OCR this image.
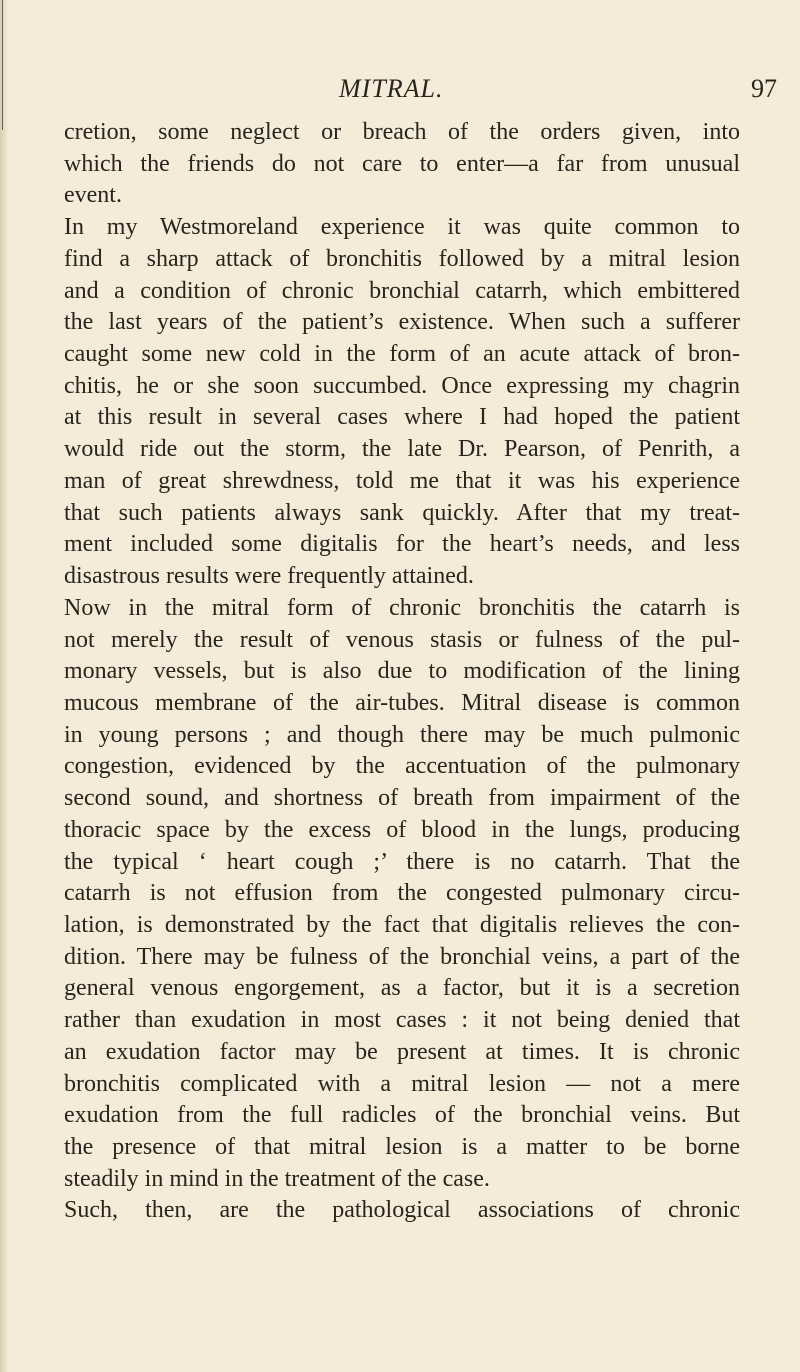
MITRAL.	97
cretion, some neglect or breach of the orders given, into
which the friends do not care to enter—a far from unusual
event.
In my Westmoreland experience it was quite common to
find a sharp attack of bronchitis followed by a mitral lesion
and a condition of chronic bronchial catarrh, which embittered
the last years of the patient’s existence. When such a sufferer
caught some new cold in the form of an acute attack of bron-
chitis, he or she soon succumbed. Once expressing my chagrin
at this result in several cases where I had hoped the patient
would ride out the storm, the late Dr. Pearson, of Penrith, a
man of great shrewdness, told me that it was his experience
that such patients always sank quickly. After that my treat-
ment included some digitalis for the heart’s needs, and less
disastrous results were frequently attained.
Now in the mitral form of chronic bronchitis the catarrh is
not merely the result of venous stasis or fulness of the pul-
monary vessels, but is also due to modification of the lining
mucous membrane of the air-tubes. Mitral disease is common
in young persons ; and though there may be much pulmonic
congestion, evidenced by the accentuation of the pulmonary
second sound, and shortness of breath from impairment of the
thoracic space by the excess of blood in the lungs, producing
the typical ‘ heart cough ;’ there is no catarrh. That the
catarrh is not effusion from the congested pulmonary circu-
lation, is demonstrated by the fact that digitalis relieves the con-
dition. There may be fulness of the bronchial veins, a part of the
general venous engorgement, as a factor, but it is a secretion
rather than exudation in most cases : it not being denied that
an exudation factor may be present at times. It is chronic
bronchitis complicated with a mitral lesion — not a mere
exudation from the full radicles of the bronchial veins. But
the presence of that mitral lesion is a matter to be borne
steadily in mind in the treatment of the case.
Such, then, are the pathological associations of chronic
